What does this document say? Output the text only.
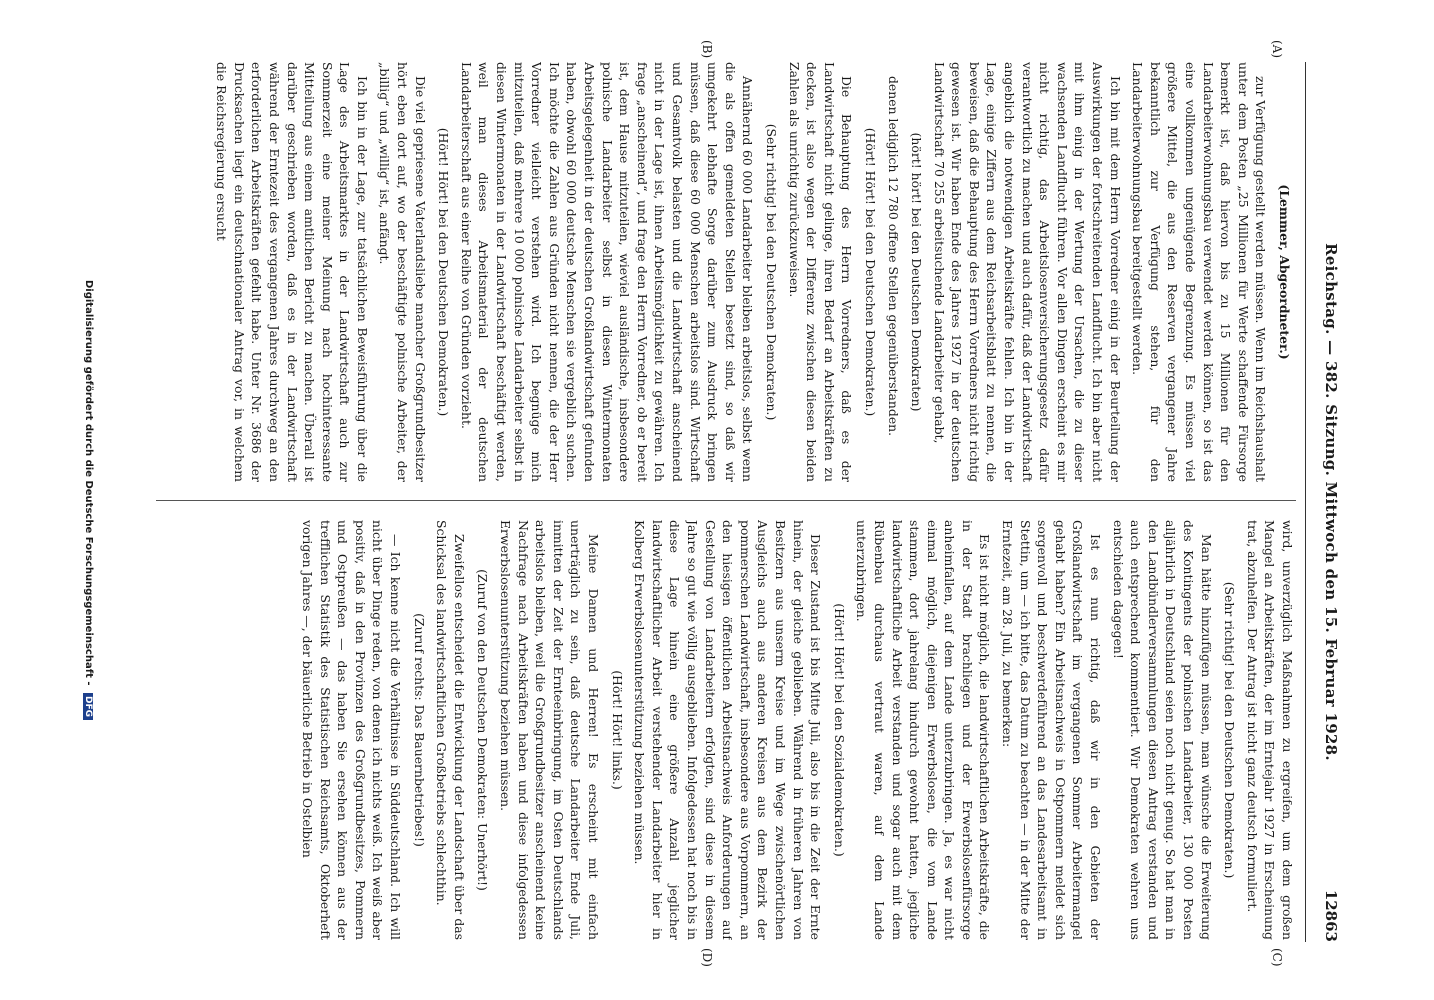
Reichstag. — 382. Sitzung. Mittwoch den 15. Februar 1928.
12863
(A)
(B)
(C)
(D)

(Lemmer, Abgeordneter.)

zur Verfügung gestellt werden müssen. Wenn im Reichshaushalt unter dem Posten „25 Millionen für Werte schaffende Fürsorge bemerkt ist, daß hiervon bis zu 15 Millionen für den Landarbeiterwohnungsbau verwendet werden können, so ist das eine vollkommen ungenügende Begrenzung. Es müssen viel größere Mittel, die aus den Reserven vergangener Jahre bekanntlich zur Verfügung stehen, für den Landarbeiterwohnungsbau bereitgestellt werden.

Ich bin mit dem Herrn Vorredner einig in der Beurteilung der Auswirkungen der fortschreitenden Landflucht. Ich bin aber nicht mit ihm einig in der Wertung der Ursachen, die zu dieser wachsenden Landflucht führen. Vor allen Dingen erscheint es mir nicht richtig, das Arbeitslosenversicherungsgesetz dafür verantwortlich zu machen und auch dafür, daß der Landwirtschaft angeblich die notwendigen Arbeitskräfte fehlen. Ich bin in der Lage, einige Ziffern aus dem Reichsarbeitsblatt zu nennen, die beweisen, daß die Behauptung des Herrn Vorredners nicht richtig gewesen ist. Wir haben Ende des Jahres 1927 in der deutschen Landwirtschaft 70 255 arbeitsuchende Landarbeiter gehabt,

(hört! hört! bei den Deutschen Demokraten)

denen lediglich 12 780 offene Stellen gegenüberstanden.

(Hört! Hört! bei den Deutschen Demokraten.)

Die Behauptung des Herrn Vorredners, daß es der Landwirtschaft nicht gelinge, ihren Bedarf an Arbeitskräften zu decken, ist also wegen der Differenz zwischen diesen beiden Zahlen als unrichtig zurückzuweisen.

(Sehr richtig! bei den Deutschen Demokraten.)

Annähernd 60 000 Landarbeiter bleiben arbeitslos, selbst wenn die als offen gemeldeten Stellen besetzt sind, so daß wir umgekehrt lebhafte Sorge darüber zum Ausdruck bringen müssen, daß diese 60 000 Menschen arbeitslos sind. Wirtschaft und Gesamtvolk belasten und die Landwirtschaft anscheinend nicht in der Lage ist, ihnen Arbeitsmöglichkeit zu gewähren. Ich frage „anscheinend“, und frage den Herrn Vorredner, ob er bereit ist, dem Hause mitzuteilen, wieviel ausländische, insbesondere polnische Landarbeiter selbst in diesen Wintermonaten Arbeitsgelegenheit in der deutschen Großlandwirtschaft gefunden haben, obwohl 60 000 deutsche Menschen sie vergeblich suchen. Ich möchte die Zahlen aus Gründen nicht nennen, die der Herr Vorredner vielleicht verstehen wird. Ich begnüge mich mitzuteilen, daß mehrere 10 000 polnische Landarbeiter selbst in diesen Wintermonaten in der Landwirtschaft beschäftigt werden, weil man dieses Arbeitsmaterial der deutschen Landarbeiterschaft aus einer Reihe von Gründen vorzieht.

(Hört! Hört! bei den Deutschen Demokraten.)

Die viel gepriesene Vaterlandsliebe mancher Großgrundbesitzer hört eben dort auf, wo der beschäftigte polnische Arbeiter, der „billig“ und „willig“ ist, anfängt.

Ich bin in der Lage, zur tatsächlichen Beweisführung über die Lage des Arbeitsmarktes in der Landwirtschaft auch zur Sommerzeit eine meiner Meinung nach hochinteressante Mitteilung aus einem amtlichen Bericht zu machen. Überall ist darüber geschrieben worden, daß es in der Landwirtschaft während der Erntezeit des vergangenen Jahres durchweg an den erforderlichen Arbeitskräften gefehlt habe. Unter Nr. 3686 der Drucksachen liegt ein deutschnationaler Antrag vor, in welchem die Reichsregierung ersucht

wird, unverzüglich Maßnahmen zu ergreifen, um dem großen Mangel an Arbeitskräften, der im Erntejahr 1927 in Erscheinung trat, abzuhelfen. Der Antrag ist nicht ganz deutsch formuliert.

(Sehr richtig! bei den Deutschen Demokraten.)

Man hätte hinzufügen müssen, man wünsche die Erweiterung des Kontingents der polnischen Landarbeiter, 130 000 Posten alljährlich in Deutschland seien noch nicht genug. So hat man in den Landbündlerversammlungen diesen Antrag verstanden und auch entsprechend kommentiert. Wir Demokraten wehren uns entschieden dagegen!

Ist es nun richtig, daß wir in den Gebieten der Großlandwirtschaft im vergangenen Sommer Arbeitermangel gehabt haben? Ein Arbeitsnachweis in Ostpommern meldet sich sorgenvoll und beschwerdeführend an das Landesarbeitsamt in Stettin, um — ich bitte, das Datum zu beachten — in der Mitte der Erntezeit, am 28. Juli, zu bemerken:

Es ist nicht möglich, die landwirtschaftlichen Arbeitskräfte, die in der Stadt brachliegen und der Erwerbslosenfürsorge anheimfallen, auf dem Lande unterzubringen. Ja, es war nicht einmal möglich, diejenigen Erwerbslosen, die vom Lande stammen, dort jahrelang hindurch gewohnt hatten, jegliche landwirtschaftliche Arbeit verstanden und sogar auch mit dem Rübenbau durchaus vertraut waren, auf dem Lande unterzubringen.

(Hört! Hört! bei den Sozialdemokraten.)

Dieser Zustand ist bis Mitte Juli, also bis in die Zeit der Ernte hinein, der gleiche geblieben. Während in früheren Jahren von Besitzern aus unserm Kreise und im Wege zwischenörtlichen Ausgleichs auch aus anderen Kreisen aus dem Bezirk der pommerschen Landwirtschaft, insbesondere aus Vorpommern, an den hiesigen öffentlichen Arbeitsnachweis Anforderungen auf Gestellung von Landarbeitern erfolgten, sind diese in diesem Jahre so gut wie völlig ausgeblieben. Infolgedessen hat noch bis in diese Lage hinein eine größere Anzahl jeglicher landwirtschaftlicher Arbeit verstehender Landarbeiter hier in Kolberg Erwerbslosenunterstützung beziehen müssen.

(Hört! Hört! links.)

Meine Damen und Herren! Es erscheint mit einfach unerträglich zu sein, daß deutsche Landarbeiter Ende Juli, inmitten der Zeit der Ernteeinbringung, im Osten Deutschlands arbeitslos bleiben, weil die Großgrundbesitzer anscheinend keine Nachfrage nach Arbeitskräften haben und diese infolgedessen Erwerbslosenunterstützung beziehen müssen.

(Zuruf von den Deutschen Demokraten: Unerhört!)

Zweifellos entscheidet die Entwicklung der Landschaft über das Schicksal des landwirtschaftlichen Großbetriebs schlechthin.

(Zuruf rechts: Das Bauernbetriebes!)

— Ich kenne nicht die Verhältnisse in Süddeutschland. Ich will nicht über Dinge reden, von denen ich nichts weiß. Ich weiß aber positiv, daß in den Provinzen des Großgrundbesitzes, Pommern und Ostpreußen — das haben Sie ersehen können aus der trefflichen Statistik des Statistischen Reichsamts, Oktoberheft vorigen Jahres —, der bäuerliche Betrieb in Ostelbien

Digitalisierung gefördert durch die Deutsche Forschungsgemeinschaft - DFG
